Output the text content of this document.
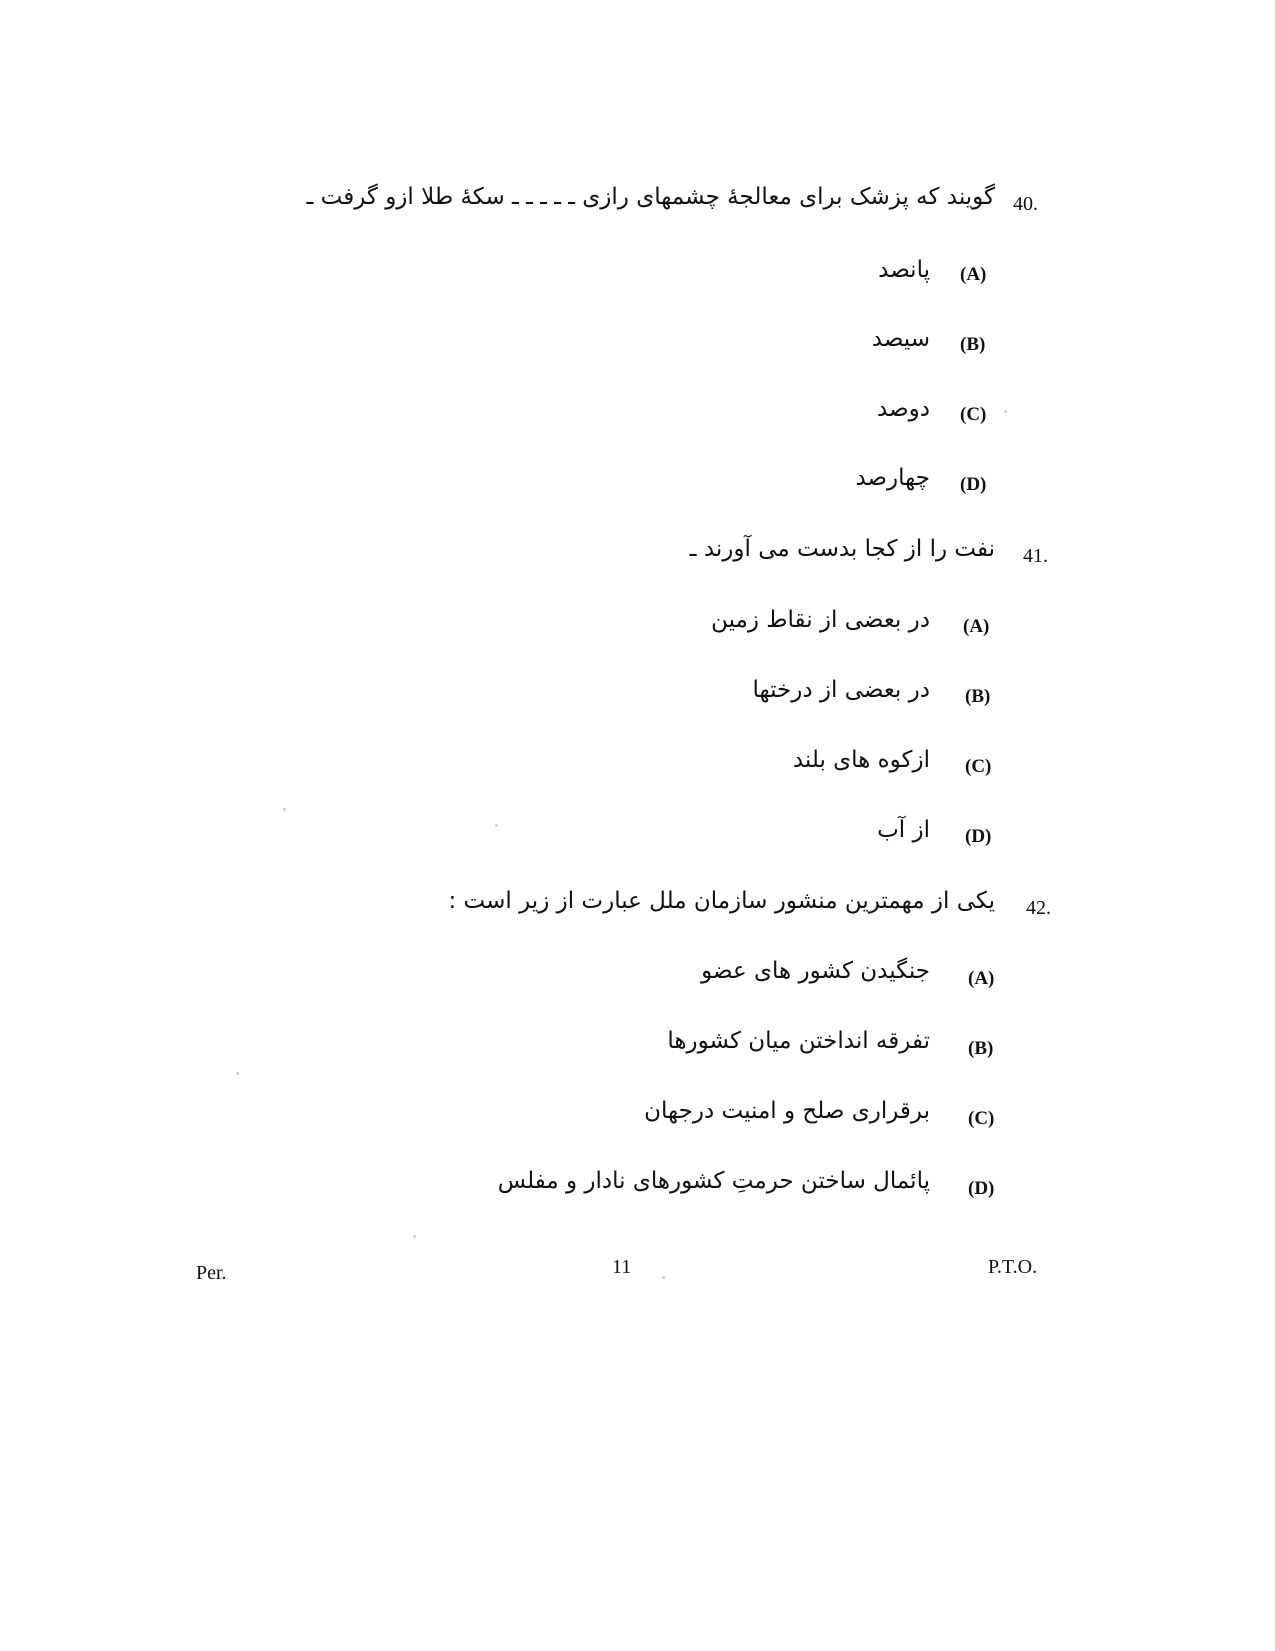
40.
گویند که پزشک برای معالجهٔ چشمهای رازی ـ ـ ـ ـ ـ سکهٔ طلا ازو گرفت ـ
(A)
پانصد
(B)
سیصد
(C)
دوصد
(D)
چهارصد
41.
نفت را از کجا بدست می آورند ـ
(A)
در بعضی از نقاط زمین
(B)
در بعضی از درختها
(C)
ازکوه های بلند
(D)
از آب
42.
یکی از مهمترین منشور سازمان ملل عبارت از زیر است :
(A)
جنگیدن کشور های عضو
(B)
تفرقه انداختن میان کشورها
(C)
برقراری صلح و امنیت درجهان
(D)
پائمال ساختن حرمتِ کشورهای نادار و مفلس
Per.	11	P.T.O.
